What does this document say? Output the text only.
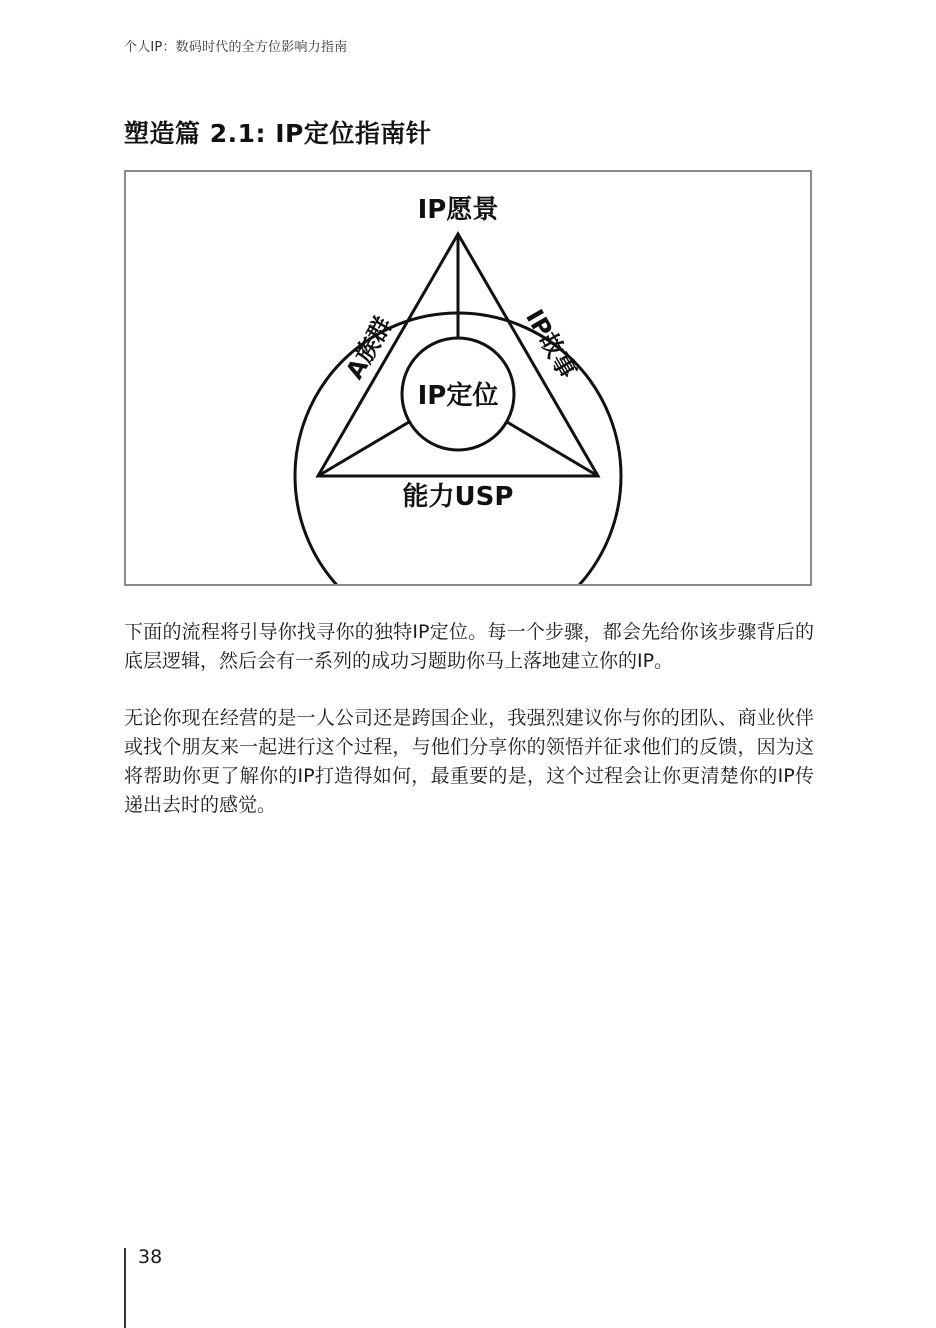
个人IP：数码时代的全方位影响力指南
塑造篇 2.1: IP定位指南针
IP愿景
IP定位
A族群	IP故事
能力USP

下面的流程将引导你找寻你的独特IP定位。每一个步骤，都会先给你该步骤背后的底层逻辑，然后会有一系列的成功习题助你马上落地建立你的IP。

无论你现在经营的是一人公司还是跨国企业，我强烈建议你与你的团队、商业伙伴或找个朋友来一起进行这个过程，与他们分享你的领悟并征求他们的反馈，因为这将帮助你更了解你的IP打造得如何，最重要的是，这个过程会让你更清楚你的IP传递出去时的感觉。

38
